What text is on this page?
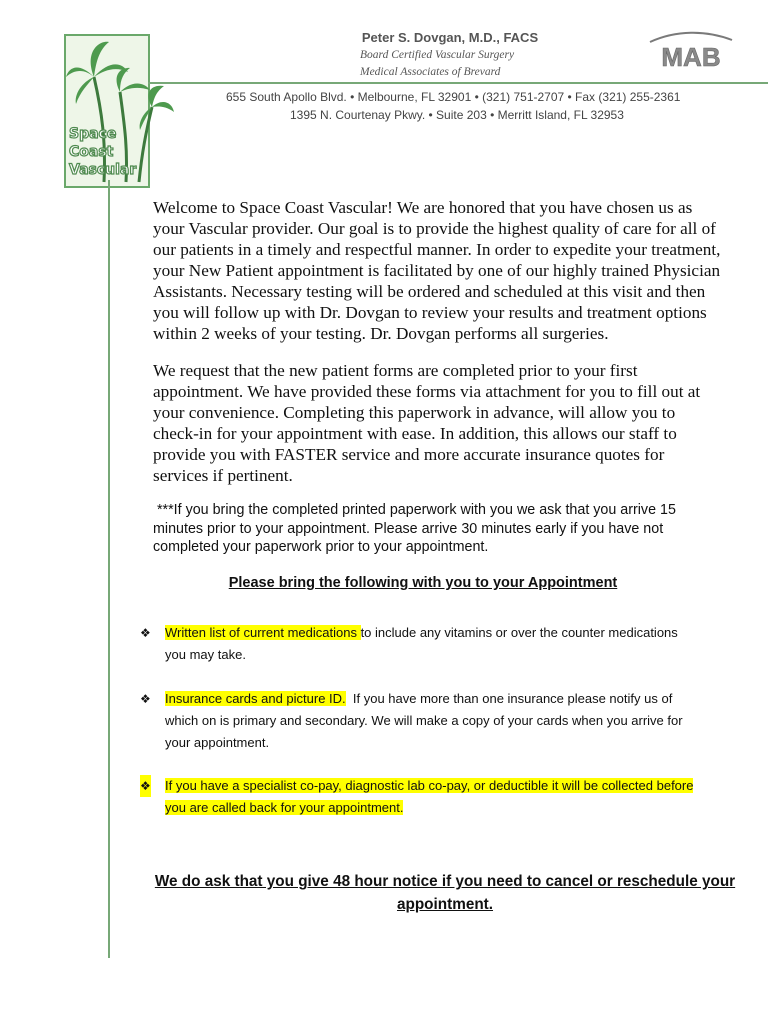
Space
Coast
Vascular
Peter S. Dovgan, M.D., FACS
Board Certified Vascular Surgery
Medical Associates of Brevard	MAB
655 South Apollo Blvd. • Melbourne, FL 32901 • (321) 751-2707 • Fax (321) 255-2361
1395 N. Courtenay Pkwy. • Suite 203 • Merritt Island, FL 32953
Welcome to Space Coast Vascular! We are honored that you have chosen us as
your Vascular provider. Our goal is to provide the highest quality of care for all of
our patients in a timely and respectful manner. In order to expedite your treatment,
your New Patient appointment is facilitated by one of our highly trained Physician
Assistants. Necessary testing will be ordered and scheduled at this visit and then
you will follow up with Dr. Dovgan to review your results and treatment options
within 2 weeks of your testing. Dr. Dovgan performs all surgeries.
We request that the new patient forms are completed prior to your first
appointment. We have provided these forms via attachment for you to fill out at
your convenience. Completing this paperwork in advance, will allow you to
check-in for your appointment with ease. In addition, this allows our staff to
provide you with FASTER service and more accurate insurance quotes for
services if pertinent.
***If you bring the completed printed paperwork with you we ask that you arrive 15
minutes prior to your appointment. Please arrive 30 minutes early if you have not
completed your paperwork prior to your appointment.
Please bring the following with you to your Appointment
❖ Written list of current medications to include any vitamins or over the counter medications
you may take.
❖ Insurance cards and picture ID.  If you have more than one insurance please notify us of
which on is primary and secondary. We will make a copy of your cards when you arrive for
your appointment.
❖ If you have a specialist co-pay, diagnostic lab co-pay, or deductible it will be collected before
you are called back for your appointment.
We do ask that you give 48 hour notice if you need to cancel or reschedule your
appointment.
